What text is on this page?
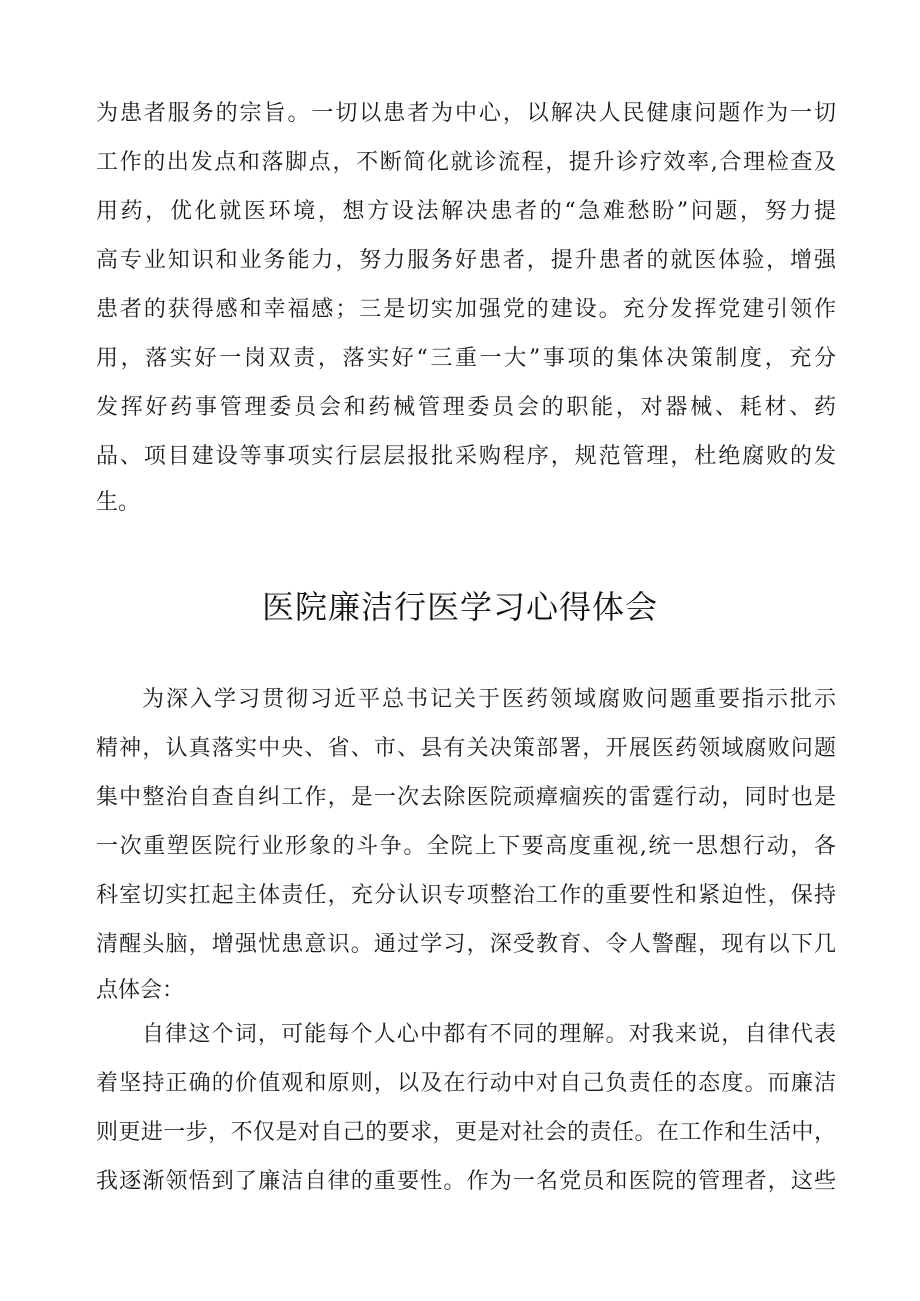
为患者服务的宗旨。一切以患者为中心，以解决人民健康问题作为一切
工作的出发点和落脚点，不断简化就诊流程，提升诊疗效率,合理检查及
用药，优化就医环境，想方设法解决患者的“急难愁盼”问题，努力提
高专业知识和业务能力，努力服务好患者，提升患者的就医体验，增强
患者的获得感和幸福感；三是切实加强党的建设。充分发挥党建引领作
用，落实好一岗双责，落实好“三重一大”事项的集体决策制度，充分
发挥好药事管理委员会和药械管理委员会的职能，对器械、耗材、药
品、项目建设等事项实行层层报批采购程序，规范管理，杜绝腐败的发
生。
医院廉洁行医学习心得体会
为深入学习贯彻习近平总书记关于医药领域腐败问题重要指示批示
精神，认真落实中央、省、市、县有关决策部署，开展医药领域腐败问题
集中整治自查自纠工作，是一次去除医院顽瘴痼疾的雷霆行动，同时也是
一次重塑医院行业形象的斗争。全院上下要高度重视,统一思想行动，各
科室切实扛起主体责任，充分认识专项整治工作的重要性和紧迫性，保持
清醒头脑，增强忧患意识。通过学习，深受教育、令人警醒，现有以下几
点体会：
自律这个词，可能每个人心中都有不同的理解。对我来说，自律代表
着坚持正确的价值观和原则，以及在行动中对自己负责任的态度。而廉洁
则更进一步，不仅是对自己的要求，更是对社会的责任。在工作和生活中，
我逐渐领悟到了廉洁自律的重要性。作为一名党员和医院的管理者，这些
